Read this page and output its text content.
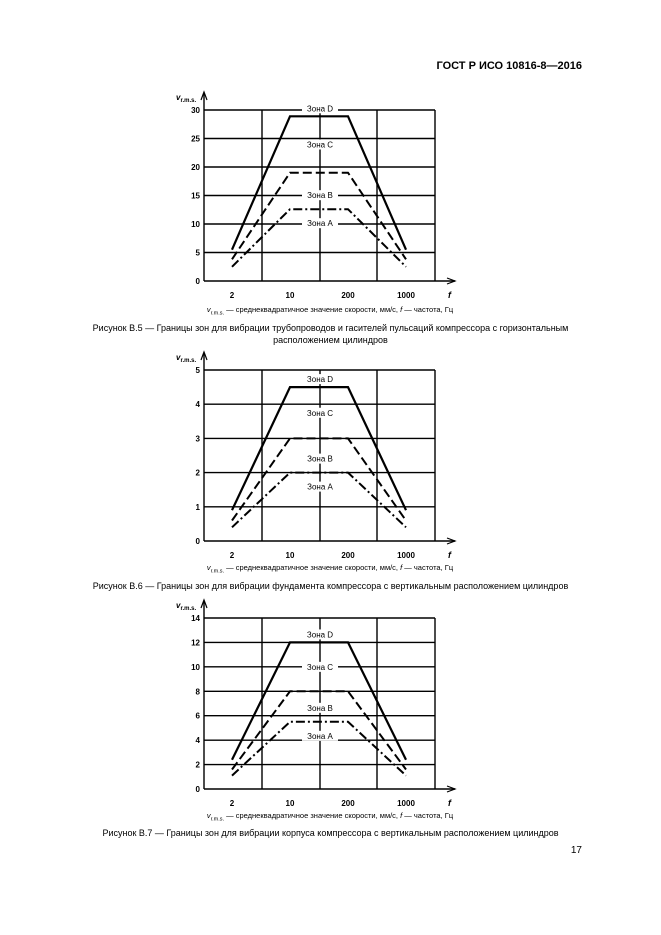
ГОСТ Р ИСО 10816-8—2016
0
5
10
15
20
25
30
2	10	200	1000
$v_{r.m.s.}$
f
Зона D
Зона C
Зона B
Зона A
$v_{r.m.s.}$ — среднеквадратичное значение скорости, мм/с, f — частота, Гц
Рисунок В.5 — Границы зон для вибрации трубопроводов и гасителей пульсаций компрессора с горизонтальным
расположением цилиндров
0
1
2
3
4
5
2	10	200	1000
$v_{r.m.s.}$
f
Зона D
Зона C
Зона B
Зона A
$v_{r.m.s.}$ — среднеквадратичное значение скорости, мм/с, f — частота, Гц
Рисунок В.6 — Границы зон для вибрации фундамента компрессора с вертикальным расположением цилиндров
0
2
4
6
8
10
12
14
2	10	200	1000
$v_{r.m.s.}$
f
Зона D
Зона C
Зона B
Зона A
$v_{r.m.s.}$ — среднеквадратичное значение скорости, мм/с, f — частота, Гц
Рисунок В.7 — Границы зон для вибрации корпуса компрессора с вертикальным расположением цилиндров
17
